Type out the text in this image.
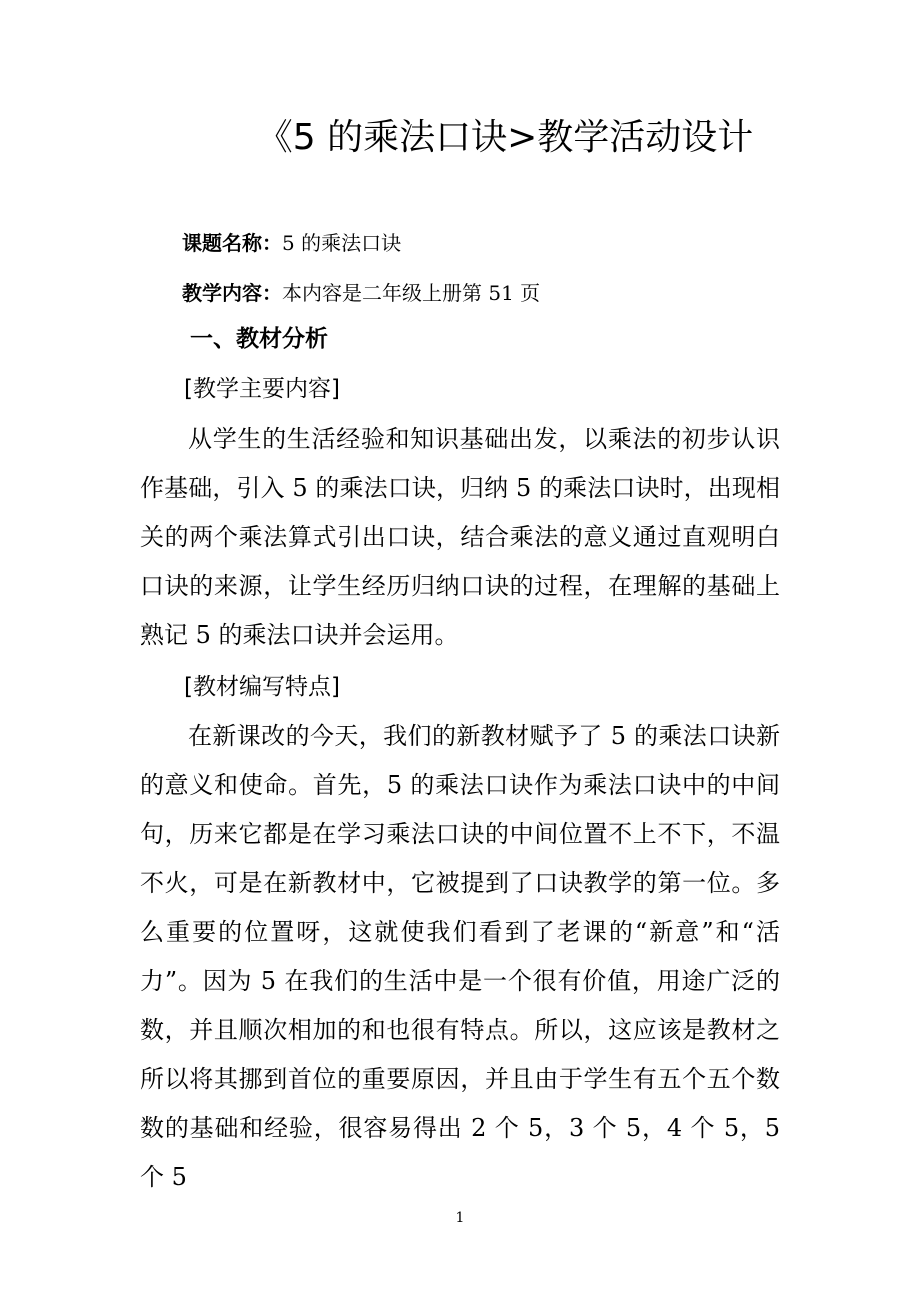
《5 的乘法口诀>教学活动设计
课题名称：5 的乘法口诀
教学内容：本内容是二年级上册第 51 页
一、教材分析
[教学主要内容]

从学生的生活经验和知识基础出发，以乘法的初步认识作基础，引入 5 的乘法口诀，归纳 5 的乘法口诀时，出现相关的两个乘法算式引出口诀，结合乘法的意义通过直观明白口诀的来源，让学生经历归纳口诀的过程，在理解的基础上熟记 5 的乘法口诀并会运用。

[教材编写特点]

在新课改的今天，我们的新教材赋予了 5 的乘法口诀新的意义和使命。首先，5 的乘法口诀作为乘法口诀中的中间句，历来它都是在学习乘法口诀的中间位置不上不下，不温不火，可是在新教材中，它被提到了口诀教学的第一位。多么重要的位置呀，这就使我们看到了老课的“新意”和“活力”。因为 5 在我们的生活中是一个很有价值，用途广泛的数，并且顺次相加的和也很有特点。所以，这应该是教材之所以将其挪到首位的重要原因，并且由于学生有五个五个数数的基础和经验，很容易得出 2 个 5，3 个 5，4 个 5，5 个 5

1
